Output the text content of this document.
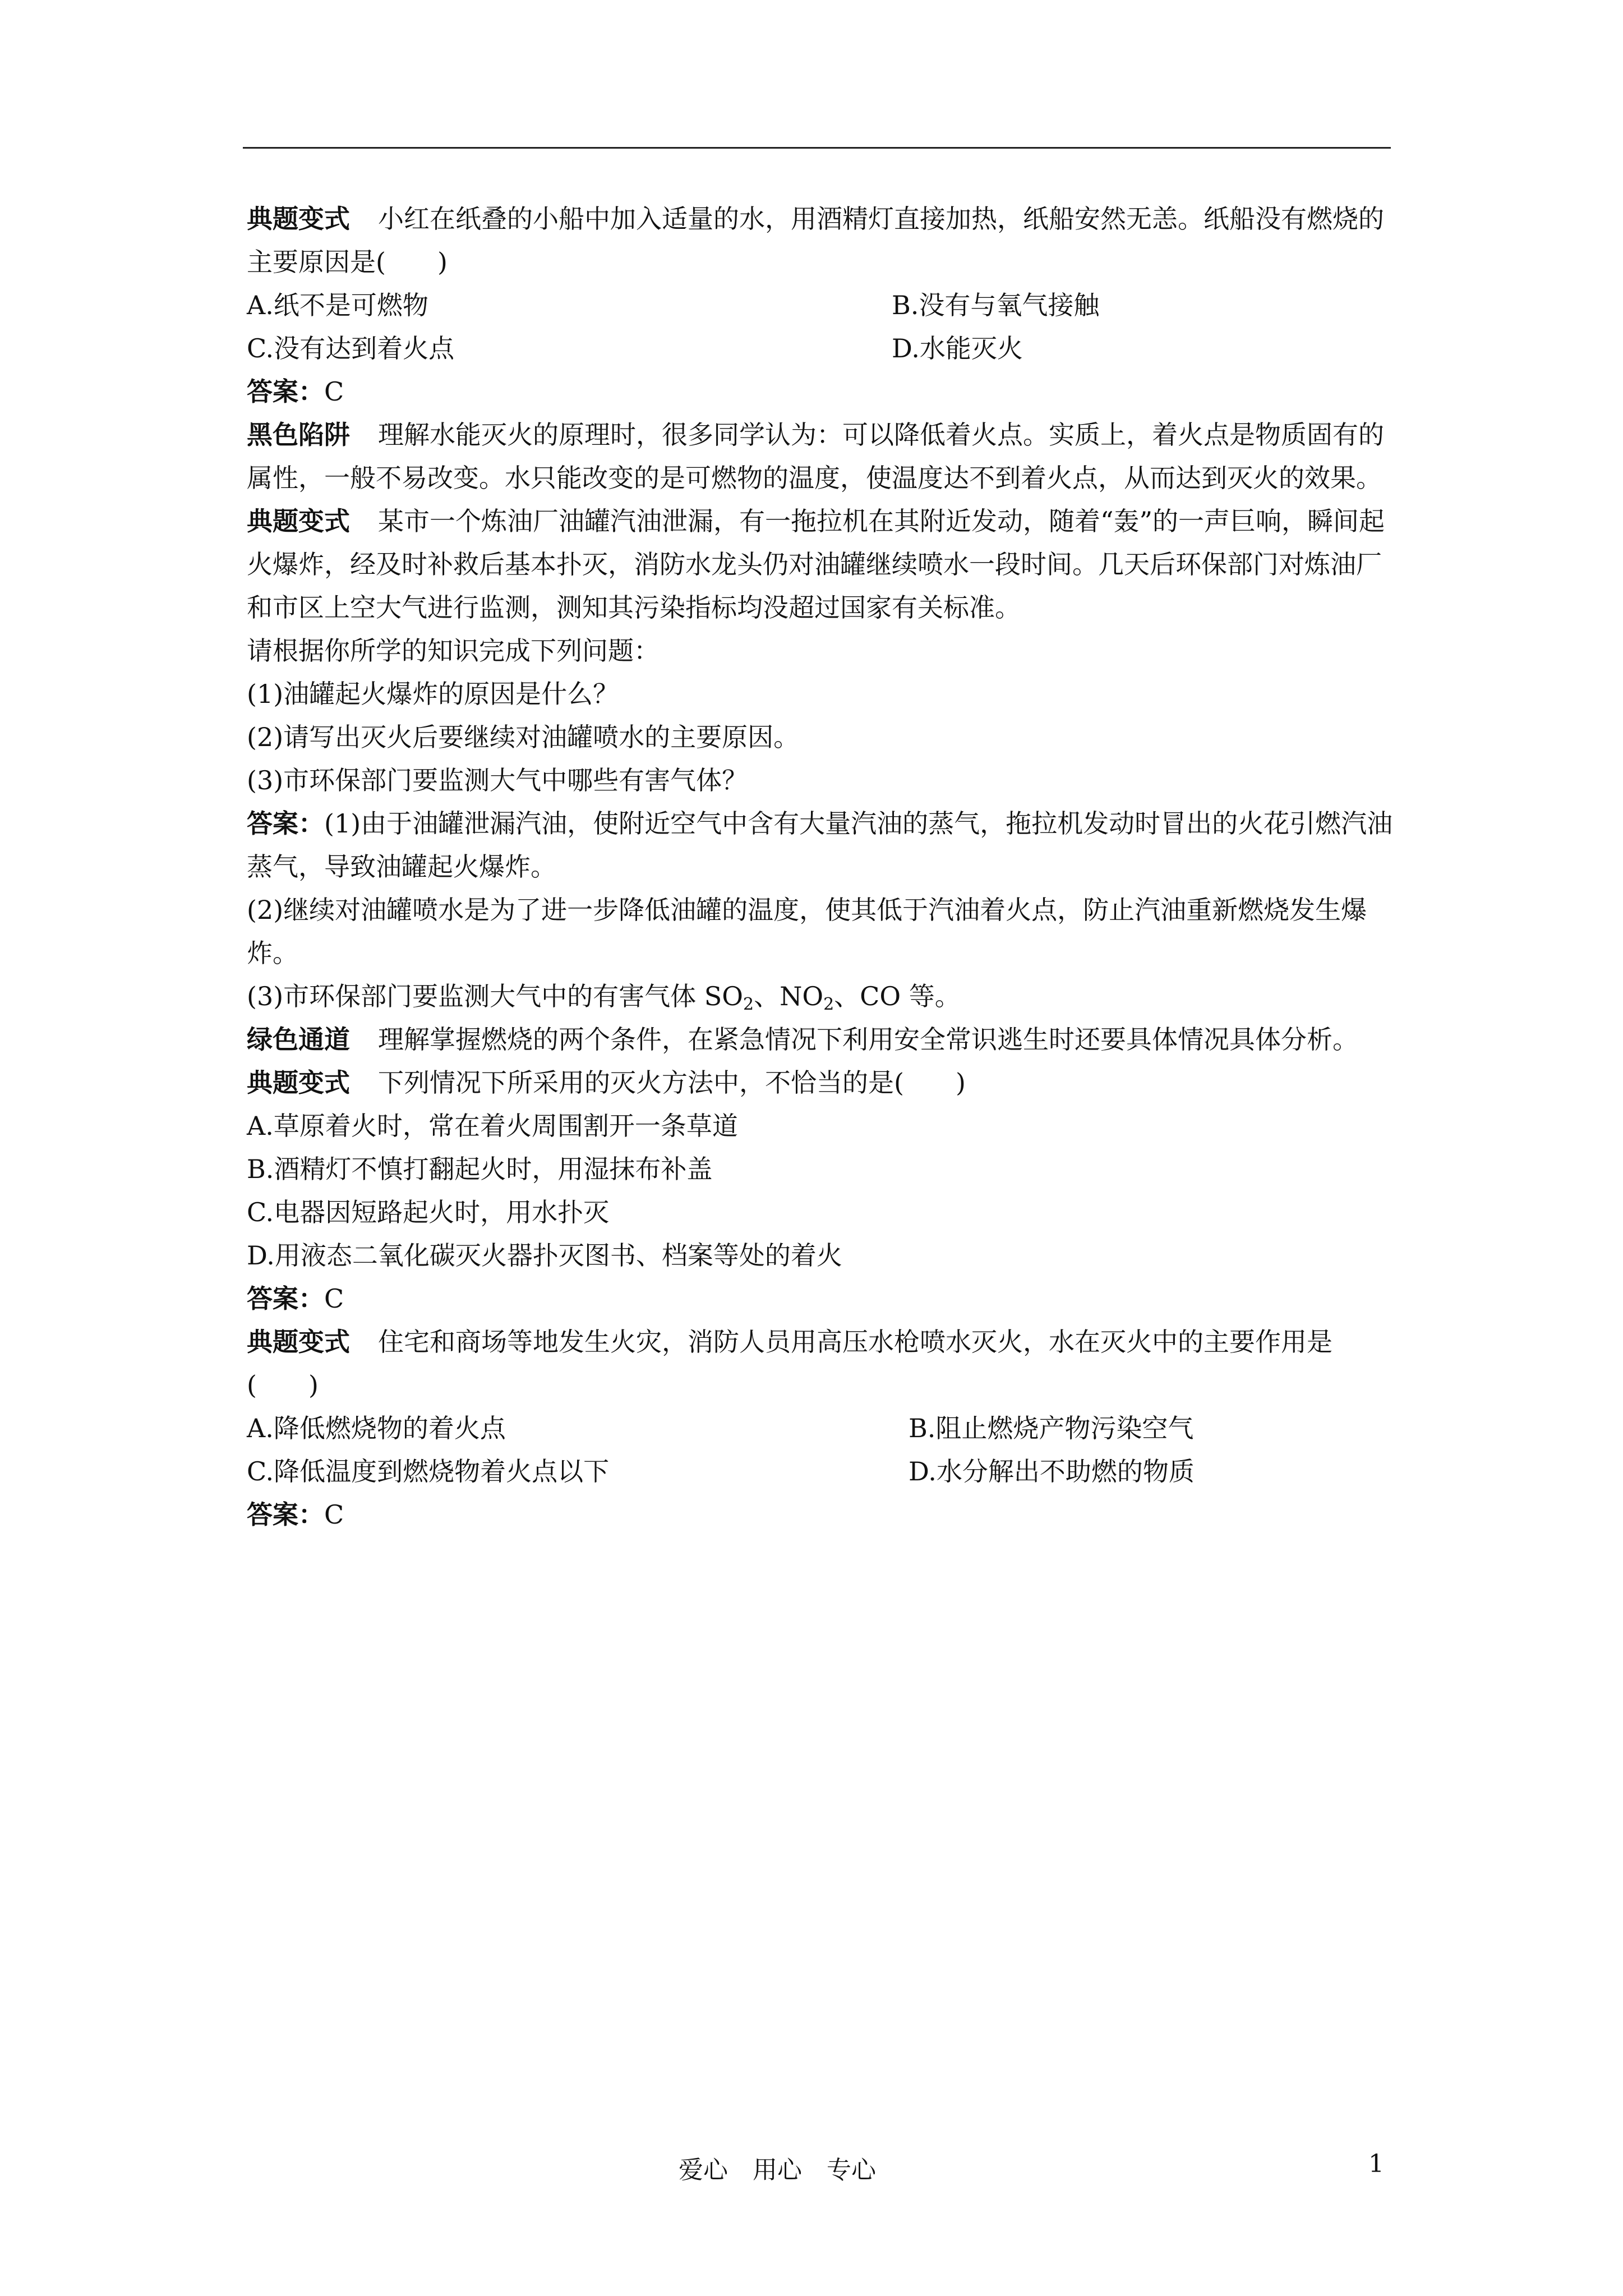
典题变式 小红在纸叠的小船中加入适量的水，用酒精灯直接加热，纸船安然无恙。纸船没有燃烧的主要原因是(　　)

A.纸不是可燃物	B.没有与氧气接触
C.没有达到着火点	D.水能灭火

答案：C

黑色陷阱 理解水能灭火的原理时，很多同学认为：可以降低着火点。实质上，着火点是物质固有的属性，一般不易改变。水只能改变的是可燃物的温度，使温度达不到着火点，从而达到灭火的效果。

典题变式 某市一个炼油厂油罐汽油泄漏，有一拖拉机在其附近发动，随着“轰”的一声巨响，瞬间起火爆炸，经及时补救后基本扑灭，消防水龙头仍对油罐继续喷水一段时间。几天后环保部门对炼油厂和市区上空大气进行监测，测知其污染指标均没超过国家有关标准。

请根据你所学的知识完成下列问题：

(1)油罐起火爆炸的原因是什么？

(2)请写出灭火后要继续对油罐喷水的主要原因。

(3)市环保部门要监测大气中哪些有害气体？

答案：(1)由于油罐泄漏汽油，使附近空气中含有大量汽油的蒸气，拖拉机发动时冒出的火花引燃汽油蒸气，导致油罐起火爆炸。

(2)继续对油罐喷水是为了进一步降低油罐的温度，使其低于汽油着火点，防止汽油重新燃烧发生爆炸。

(3)市环保部门要监测大气中的有害气体 $SO_2$、$NO_2$、CO 等。

绿色通道 理解掌握燃烧的两个条件，在紧急情况下利用安全常识逃生时还要具体情况具体分析。

典题变式 下列情况下所采用的灭火方法中，不恰当的是(　　)

A.草原着火时，常在着火周围割开一条草道

B.酒精灯不慎打翻起火时，用湿抹布补盖

C.电器因短路起火时，用水扑灭

D.用液态二氧化碳灭火器扑灭图书、档案等处的着火

答案：C

典题变式 住宅和商场等地发生火灾，消防人员用高压水枪喷水灭火，水在灭火中的主要作用是(　　)

A.降低燃烧物的着火点	B.阻止燃烧产物污染空气
C.降低温度到燃烧物着火点以下	D.水分解出不助燃的物质

答案：C

爱心　用心　专心	1
